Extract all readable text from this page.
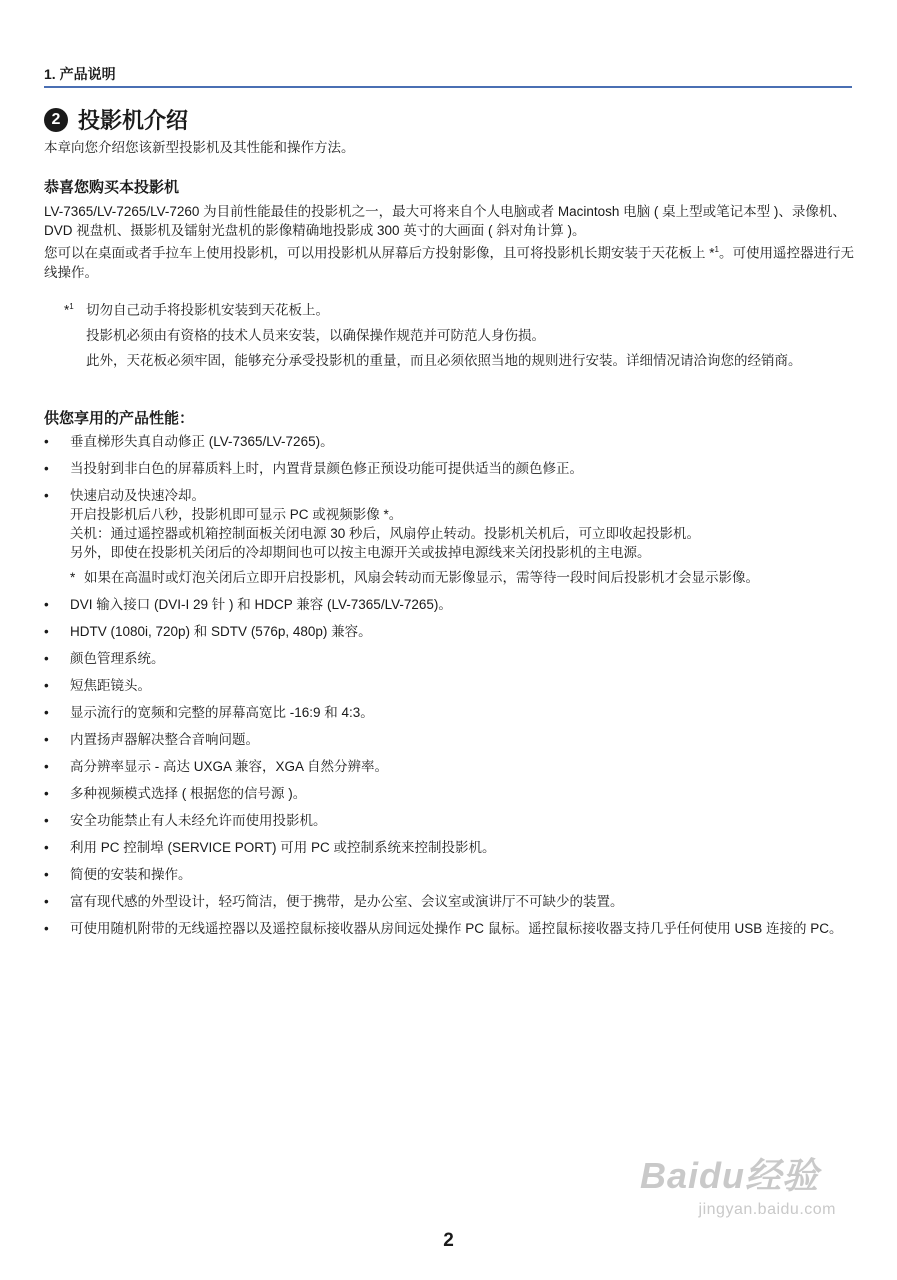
1. 产品说明
2 投影机介绍
本章向您介绍您该新型投影机及其性能和操作方法。
恭喜您购买本投影机
LV-7365/LV-7265/LV-7260 为目前性能最佳的投影机之一，最大可将来自个人电脑或者 Macintosh 电脑 ( 桌上型或笔记本型 )、录像机、DVD 视盘机、摄影机及镭射光盘机的影像精确地投影成 300 英寸的大画面 ( 斜对角计算 )。
您可以在桌面或者手拉车上使用投影机，可以用投影机从屏幕后方投射影像，且可将投影机长期安装于天花板上 *$^1$。可使用遥控器进行无线操作。
*$^1$ 切勿自己动手将投影机安装到天花板上。
投影机必须由有资格的技术人员来安装，以确保操作规范并可防范人身伤损。
此外，天花板必须牢固，能够充分承受投影机的重量，而且必须依照当地的规则进行安装。详细情况请洽询您的经销商。
供您享用的产品性能：
•	垂直梯形失真自动修正 (LV-7365/LV-7265)。
•	当投射到非白色的屏幕质料上时，内置背景颜色修正预设功能可提供适当的颜色修正。
•	快速启动及快速冷却。
开启投影机后八秒，投影机即可显示 PC 或视频影像 *。
关机：通过遥控器或机箱控制面板关闭电源 30 秒后，风扇停止转动。投影机关机后，可立即收起投影机。
另外，即使在投影机关闭后的冷却期间也可以按主电源开关或拔掉电源线来关闭投影机的主电源。
* 如果在高温时或灯泡关闭后立即开启投影机，风扇会转动而无影像显示，需等待一段时间后投影机才会显示影像。
•	DVI 输入接口 (DVI-I 29 针 ) 和 HDCP 兼容 (LV-7365/LV-7265)。
•	HDTV (1080i, 720p) 和 SDTV (576p, 480p) 兼容。
•	颜色管理系统。
•	短焦距镜头。
•	显示流行的宽频和完整的屏幕高宽比 -16:9 和 4:3。
•	内置扬声器解决整合音响问题。
•	高分辨率显示 - 高达 UXGA 兼容，XGA 自然分辨率。
•	多种视频模式选择 ( 根据您的信号源 )。
•	安全功能禁止有人未经允许而使用投影机。
•	利用 PC 控制埠 (SERVICE PORT) 可用 PC 或控制系统来控制投影机。
•	简便的安装和操作。
•	富有现代感的外型设计，轻巧简洁，便于携带，是办公室、会议室或演讲厅不可缺少的装置。
•	可使用随机附带的无线遥控器以及遥控鼠标接收器从房间远处操作 PC 鼠标。遥控鼠标接收器支持几乎任何使用 USB 连接的 PC。
Baidu经验
jingyan.baidu.com
2
